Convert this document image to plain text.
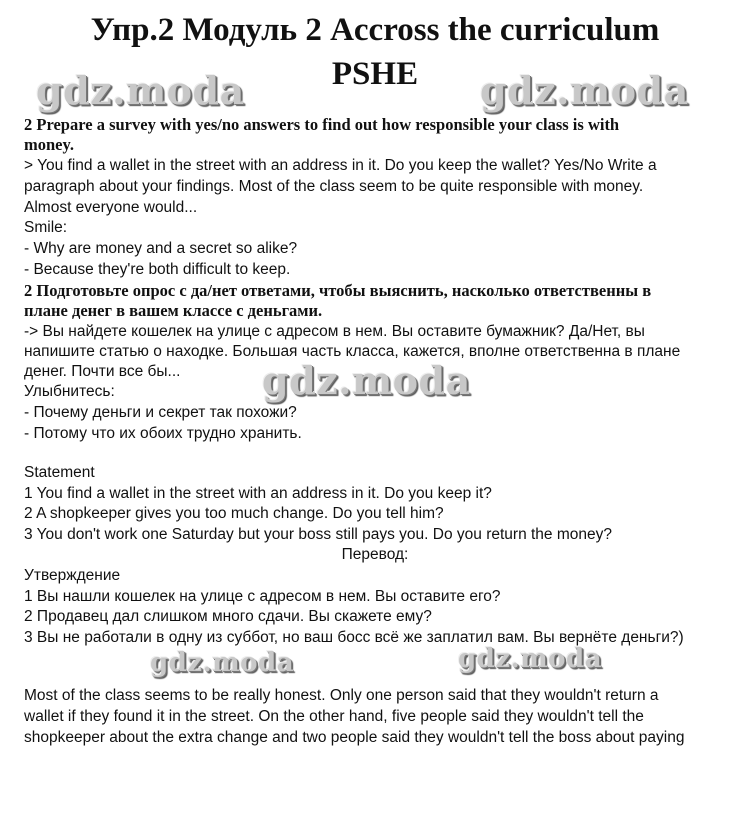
Упр.2 Модуль 2 Accross the curriculum
PSHE
gdz.moda	gdz.moda

2 Prepare a survey with yes/no answers to find out how responsible your class is with

money.

> You find a wallet in the street with an address in it. Do you keep the wallet? Yes/No Write a

paragraph about your findings. Most of the class seem to be quite responsible with money.

Almost everyone would...

Smile:

- Why are money and a secret so alike?

- Because they're both difficult to keep.

2 Подготовьте опрос с да/нет ответами, чтобы выяснить, насколько ответственны в

плане денег в вашем классе с деньгами.

-> Вы найдете кошелек на улице с адресом в нем. Вы оставите бумажник? Да/Нет, вы

напишите статью о находке. Большая часть класса, кажется, вполне ответственна в плане

денег. Почти все бы...

Улыбнитесь:

- Почему деньги и секрет так похожи?

- Потому что их обоих трудно хранить.

gdz.moda

Statement

1 You find a wallet in the street with an address in it. Do you keep it?

2 A shopkeeper gives you too much change. Do you tell him?

3 You don't work one Saturday but your boss still pays you. Do you return the money?

Перевод:

Утверждение

1 Вы нашли кошелек на улице с адресом в нем. Вы оставите его?

2 Продавец дал слишком много сдачи. Вы скажете ему?

3 Вы не работали в одну из суббот, но ваш босс всё же заплатил вам. Вы вернёте деньги?)

gdz.moda	gdz.moda

Most of the class seems to be really honest. Only one person said that they wouldn't return a

wallet if they found it in the street. On the other hand, five people said they wouldn't tell the

shopkeeper about the extra change and two people said they wouldn't tell the boss about paying
